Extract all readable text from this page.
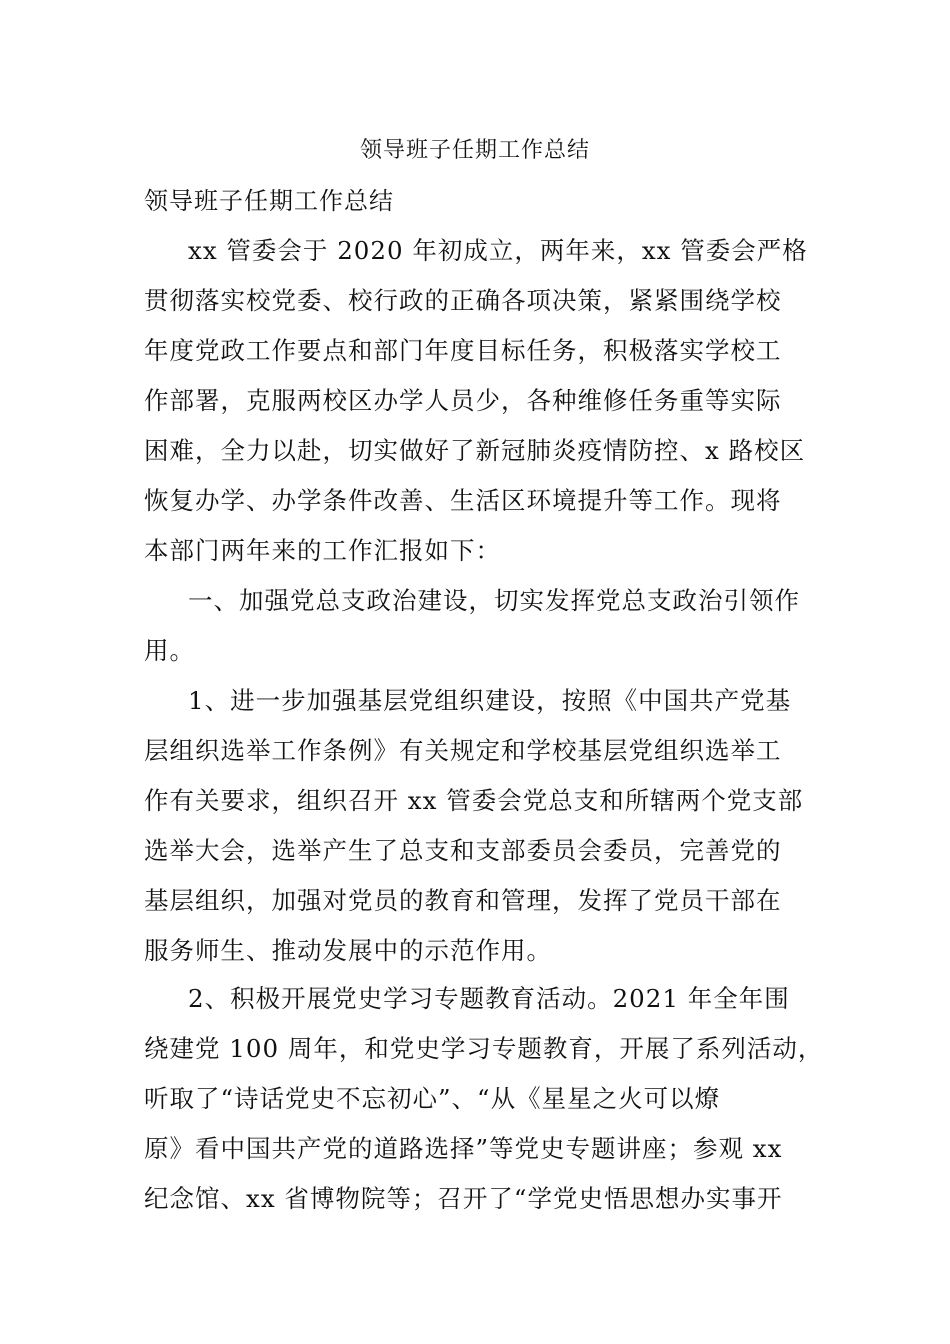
领导班子任期工作总结

领导班子任期工作总结

xx 管委会于 2020 年初成立，两年来，xx 管委会严格
贯彻落实校党委、校行政的正确各项决策，紧紧围绕学校
年度党政工作要点和部门年度目标任务，积极落实学校工
作部署，克服两校区办学人员少，各种维修任务重等实际
困难，全力以赴，切实做好了新冠肺炎疫情防控、x 路校区
恢复办学、办学条件改善、生活区环境提升等工作。现将
本部门两年来的工作汇报如下：
一、加强党总支政治建设，切实发挥党总支政治引领作
用。
1、进一步加强基层党组织建设，按照《中国共产党基
层组织选举工作条例》有关规定和学校基层党组织选举工
作有关要求，组织召开 xx 管委会党总支和所辖两个党支部
选举大会，选举产生了总支和支部委员会委员，完善党的
基层组织，加强对党员的教育和管理，发挥了党员干部在
服务师生、推动发展中的示范作用。
2、积极开展党史学习专题教育活动。2021 年全年围
绕建党 100 周年，和党史学习专题教育，开展了系列活动，
听取了“诗话党史不忘初心”、“从《星星之火可以燎
原》看中国共产党的道路选择”等党史专题讲座；参观 xx
纪念馆、xx 省博物院等；召开了“学党史悟思想办实事开
